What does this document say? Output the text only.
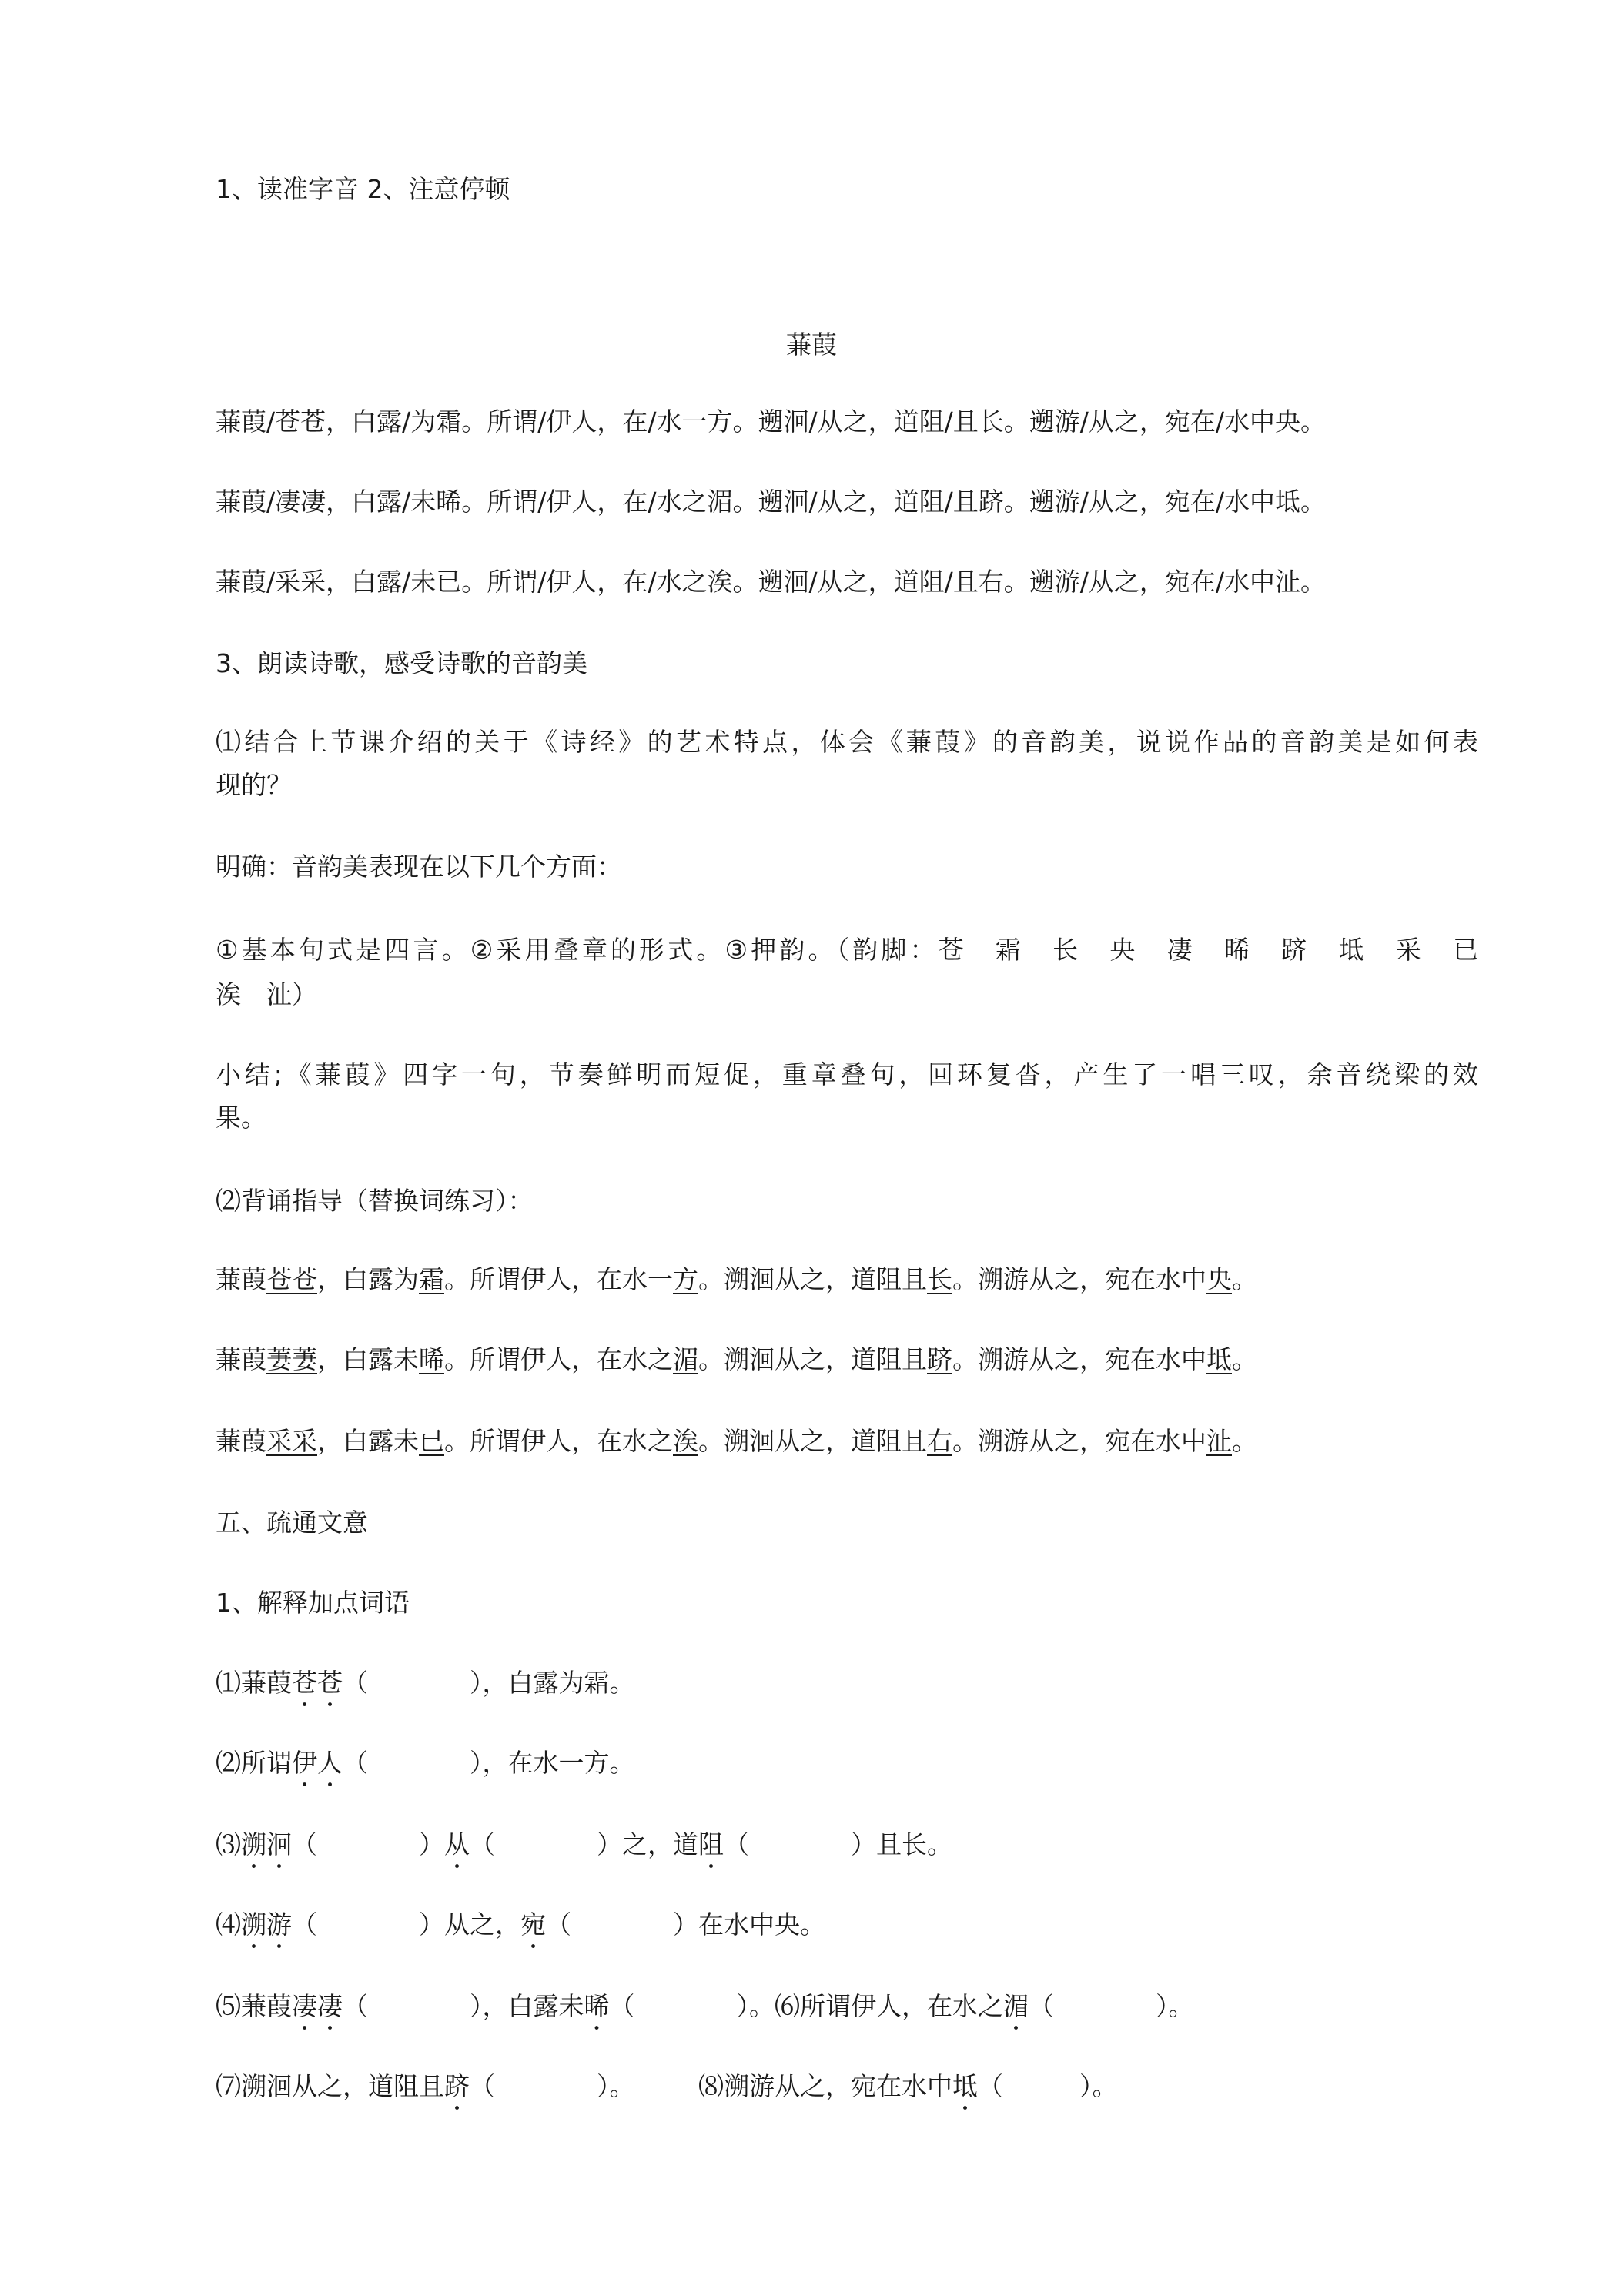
1、读准字音 2、注意停顿
蒹葭
蒹葭/苍苍，白露/为霜。所谓/伊人，在/水一方。遡洄/从之，道阻/且长。遡游/从之，宛在/水中央。
蒹葭/凄凄，白露/未晞。所谓/伊人，在/水之湄。遡洄/从之，道阻/且跻。遡游/从之，宛在/水中坻。
蒹葭/采采，白露/未已。所谓/伊人，在/水之涘。遡洄/从之，道阻/且右。遡游/从之，宛在/水中沚。
3、朗读诗歌，感受诗歌的音韵美
⑴结合上节课介绍的关于《诗经》的艺术特点，体会《蒹葭》的音韵美，说说作品的音韵美是如何表
现的？
明确：音韵美表现在以下几个方面：
①基本句式是四言。②采用叠章的形式。③押韵。（韵脚：苍　霜　长　央　凄　晞　跻　坻　采　已
涘　沚）
小结;《蒹葭》四字一句，节奏鲜明而短促，重章叠句，回环复沓，产生了一唱三叹，余音绕梁的效
果。
⑵背诵指导（替换词练习）：
蒹葭苍苍，白露为霜。所谓伊人，在水一方。溯洄从之，道阻且长。溯游从之，宛在水中央。
蒹葭萋萋，白露未晞。所谓伊人，在水之湄。溯洄从之，道阻且跻。溯游从之，宛在水中坻。
蒹葭采采，白露未已。所谓伊人，在水之涘。溯洄从之，道阻且右。溯游从之，宛在水中沚。
五、疏通文意
1、解释加点词语
⑴蒹葭苍苍（　　　　），白露为霜。
⑵所谓伊人（　　　　），在水一方。
⑶溯洄（　　　　）从（　　　　）之，道阻（　　　　）且长。
⑷溯游（　　　　）从之，宛（　　　　）在水中央。
⑸蒹葭凄凄（　　　　），白露未晞（　　　　）。⑹所谓伊人，在水之湄（　　　　）。
⑺溯洄从之，道阻且跻（　　　　）。　　　⑻溯游从之，宛在水中坻（　　　）。
